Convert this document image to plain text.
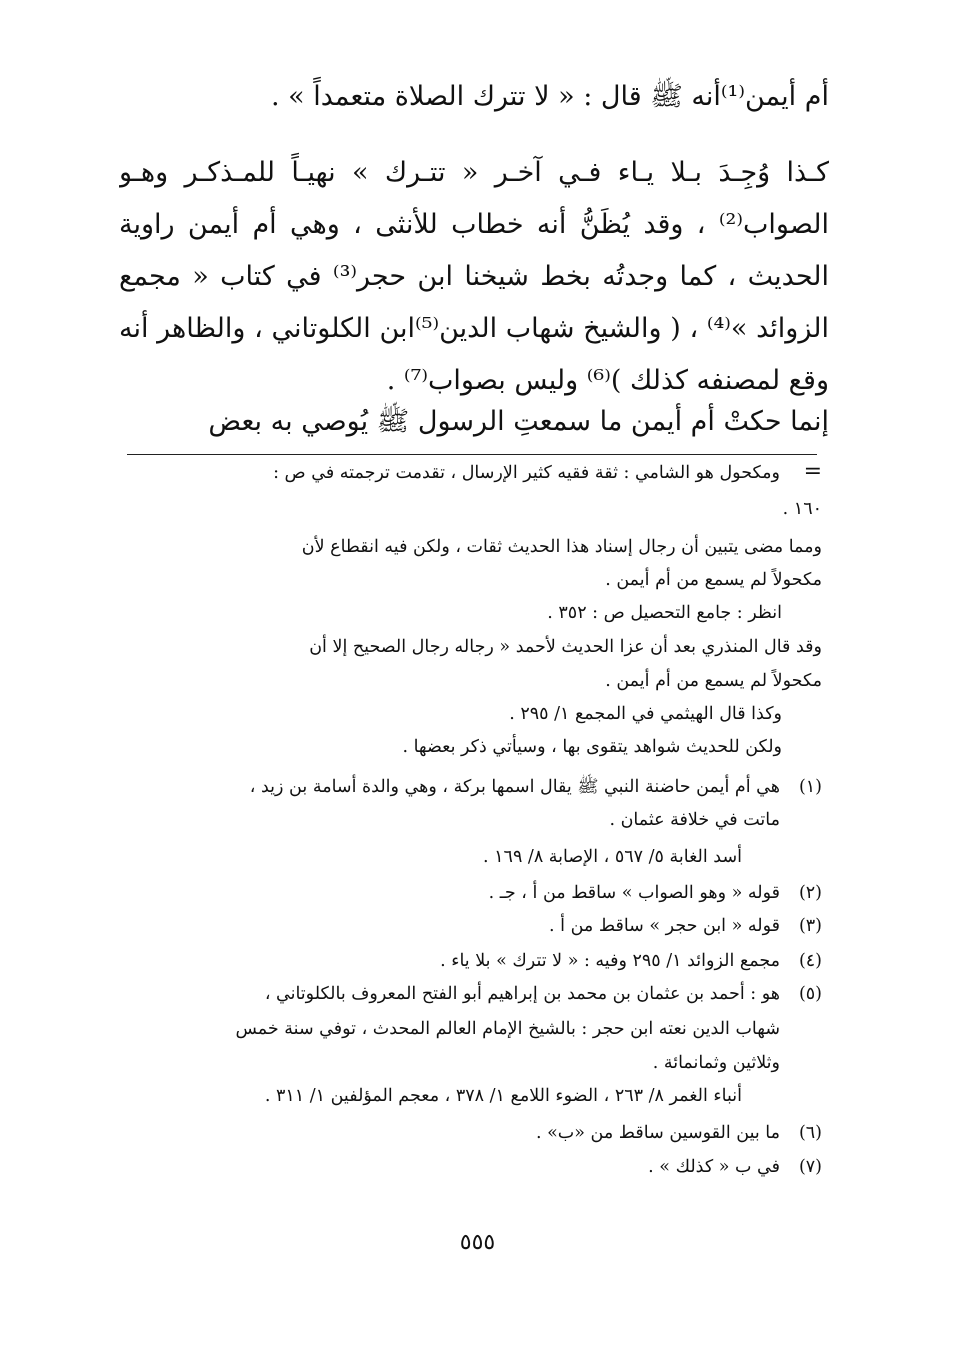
أم أيمن⁽¹⁾أنه ﷺ قال : « لا تترك الصلاة متعمداً » .
كـذا وُجِـدَ بـلا يـاء فـي آخـر « تتـرك » نهيـاً للمـذكـر وهـو
الصواب⁽²⁾ ، وقد يُظَنُّ أنه خطاب للأنثى ، وهي أم أيمن راوية
الحديث ، كما وجدتُه بخط شيخنا ابن حجر⁽³⁾ في كتاب « مجمع
الزوائد »⁽⁴⁾ ، ( والشيخ شهاب الدين⁽⁵⁾ابن الكلوتاني ، والظاهر أنه
وقع لمصنفه كذلك )⁽⁶⁾ وليس بصواب⁽⁷⁾ .
إنما حكتْ أم أيمن ما سمعتِ الرسول ﷺ يُوصي به بعض
=
ومكحول هو الشامي : ثقة فقيه كثير الإرسال ، تقدمت ترجمته في ص :
١٦٠ .
ومما مضى يتبين أن رجال إسناد هذا الحديث ثقات ، ولكن فيه انقطاع لأن
مكحولاً لم يسمع من أم أيمن .
انظر : جامع التحصيل ص : ٣٥٢ .
وقد قال المنذري بعد أن عزا الحديث لأحمد « رجاله رجال الصحيح إلا أن
مكحولاً لم يسمع من أم أيمن .
وكذا قال الهيثمي في المجمع ١/ ٢٩٥ .
ولكن للحديث شواهد يتقوى بها ، وسيأتي ذكر بعضها .
(١)
هي أم أيمن حاضنة النبي ﷺ يقال اسمها بركة ، وهي والدة أسامة بن زيد ،
ماتت في خلافة عثمان .
أسد الغابة ٥/ ٥٦٧ ، الإصابة ٨/ ١٦٩ .
(٢)
قوله « وهو الصواب » ساقط من أ ، جـ .
(٣)
قوله « ابن حجر » ساقط من أ .
(٤)
مجمع الزوائد ١/ ٢٩٥ وفيه : « لا تترك » بلا ياء .
(٥)
هو : أحمد بن عثمان بن محمد بن إبراهيم أبو الفتح المعروف بالكلوتاني ،
شهاب الدين نعته ابن حجر : بالشيخ الإمام العالم المحدث ، توفي سنة خمس
وثلاثين وثمانمائة .
أنباء الغمر ٨/ ٢٦٣ ، الضوء اللامع ١/ ٣٧٨ ، معجم المؤلفين ١/ ٣١١ .
(٦)
ما بين القوسين ساقط من «ب» .
(٧)
في ب « كذلك » .
٥٥٥
